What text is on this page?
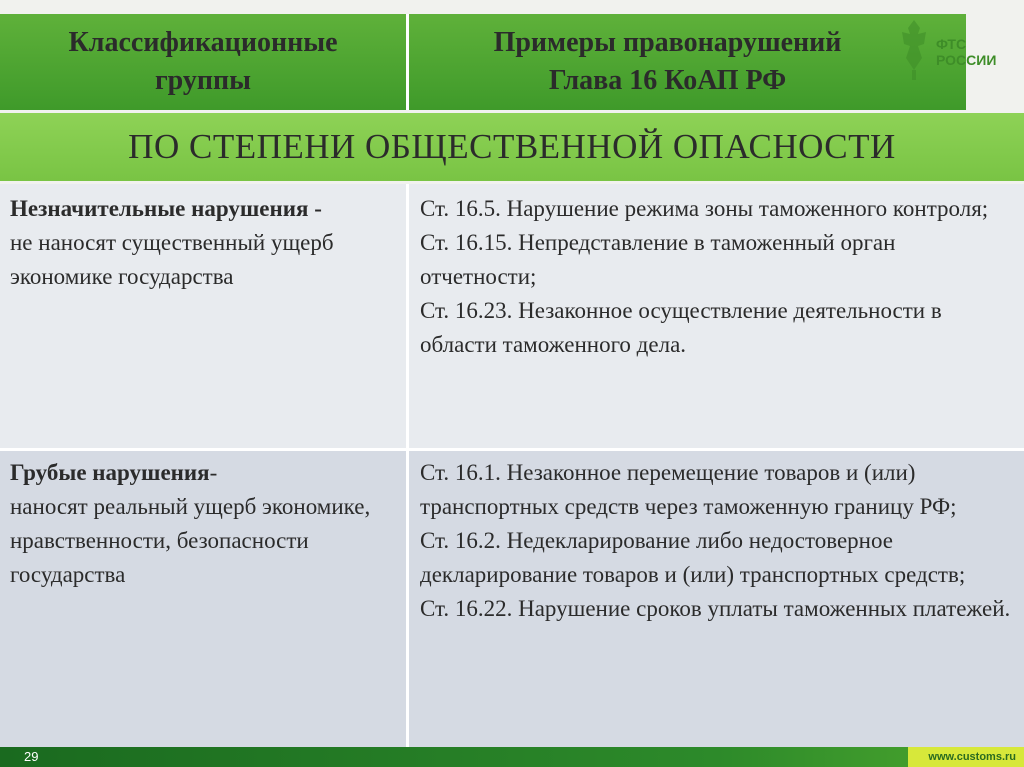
Классификационные
группы
Примеры правонарушений
Глава 16 КоАП РФ
ФТС
РОССИИ
ПО СТЕПЕНИ ОБЩЕСТВЕННОЙ ОПАСНОСТИ

Незначительные нарушения -

не наносят существенный ущерб экономике государства

Ст. 16.5. Нарушение режима зоны таможенного контроля;

Ст. 16.15. Непредставление в таможенный орган отчетности;

Ст. 16.23. Незаконное осуществление деятельности в области таможенного дела.

Грубые нарушения-

наносят реальный ущерб экономике, нравственности, безопасности государства

Ст. 16.1. Незаконное перемещение товаров и (или) транспортных средств через таможенную границу РФ;

Ст. 16.2. Недекларирование либо недостоверное декларирование товаров и (или) транспортных средств;

Ст. 16.22. Нарушение сроков уплаты таможенных платежей.

29	www.customs.ru
